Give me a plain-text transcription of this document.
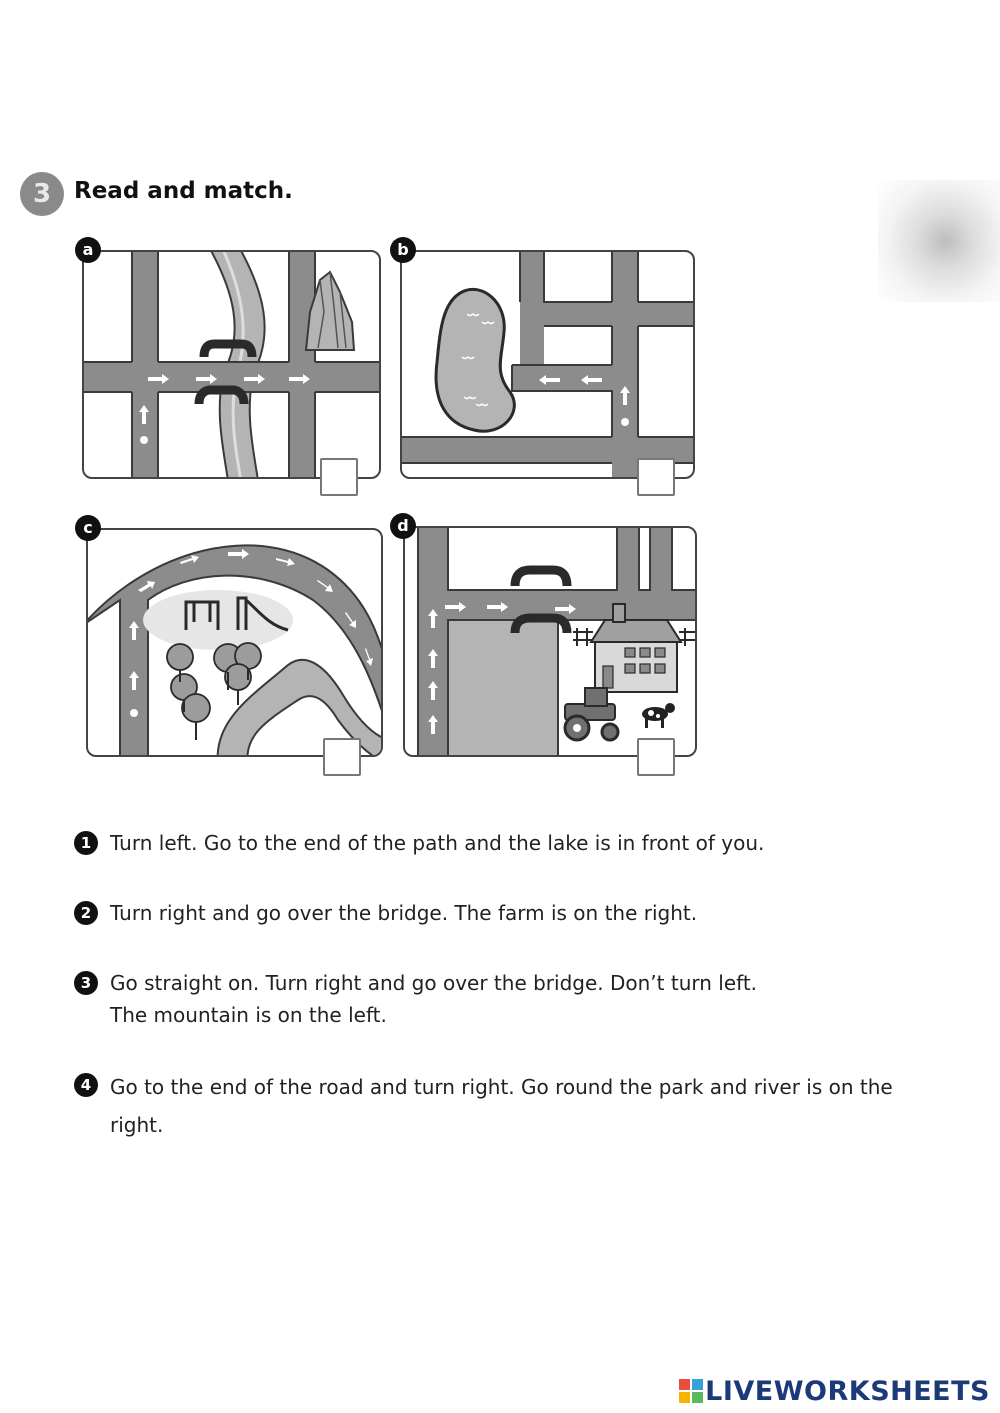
3 Read and match.
a	b
c	d
1 Turn left. Go to the end of the path and the lake is in front of you.
2 Turn right and go over the bridge. The farm is on the right.
3 Go straight on. Turn right and go over the bridge. Don’t turn left.
The mountain is on the left.
4 Go to the end of the road and turn right. Go round the park and river is on the
right.
LIVEWORKSHEETS
